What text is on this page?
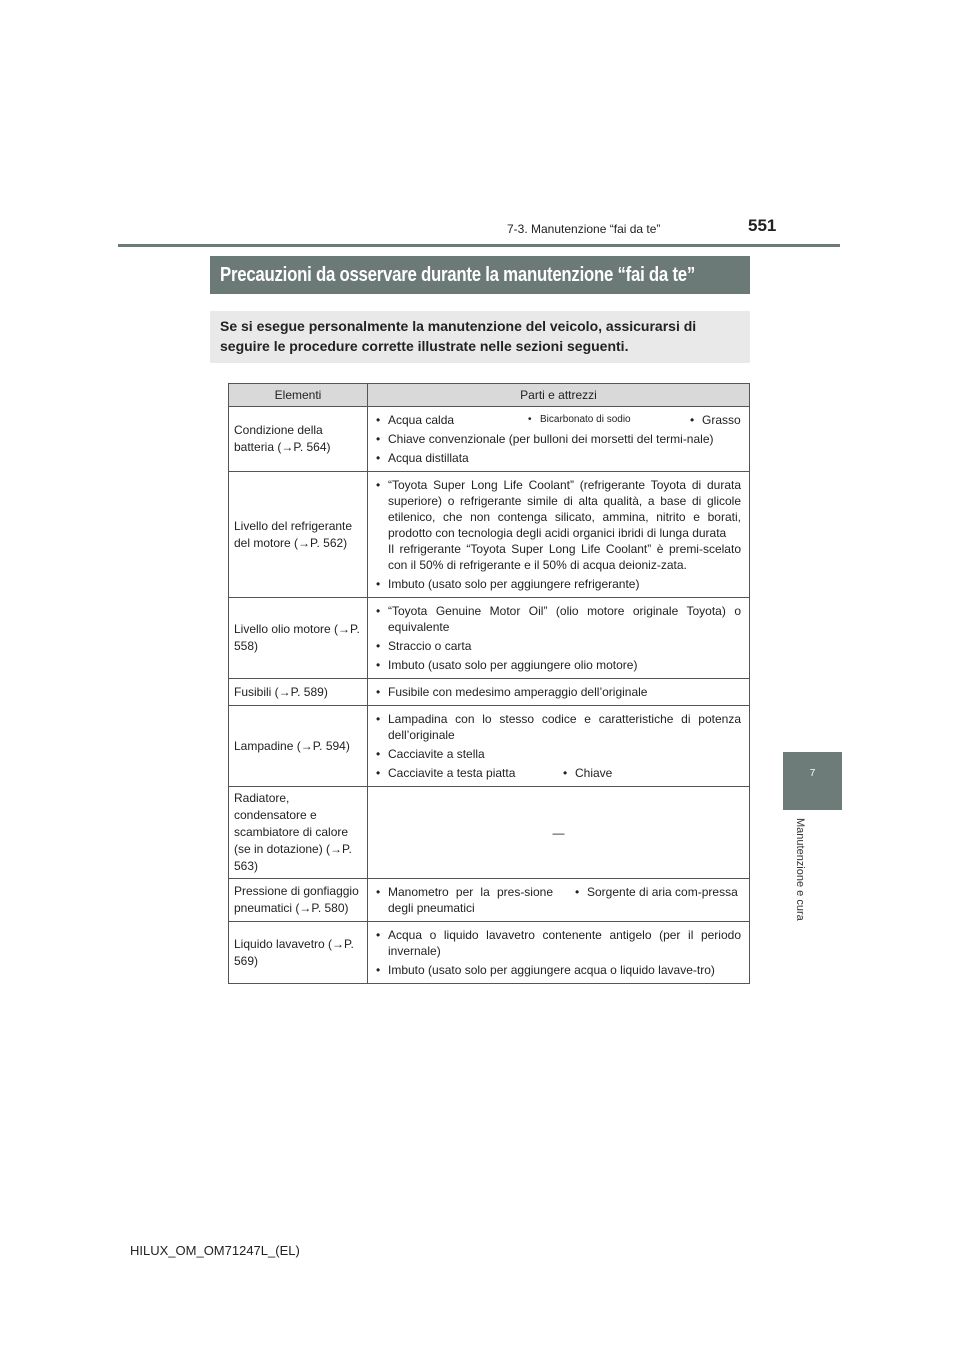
7-3. Manutenzione “fai da te”	551
7
Manutenzione e cura
Precauzioni da osservare durante la manutenzione “fai da te”
Se si esegue personalmente la manutenzione del veicolo, assicurarsi di seguire le procedure corrette illustrate nelle sezioni seguenti.
Elementi	Parti e attrezzi
Condizione della batteria (→P. 564)	• Acqua calda • Bicarbonato di sodio • Grasso
• Chiave convenzionale (per bulloni dei morsetti del termi-nale)
• Acqua distillata

Livello del refrigerante del motore (→P. 562)	• “Toyota Super Long Life Coolant” (refrigerante Toyota di durata superiore) o refrigerante simile di alta qualità, a base di glicole etilenico, che non contenga silicato, ammina, nitrito e borati, prodotto con tecnologia degli acidi organici ibridi di lunga durata
Il refrigerante “Toyota Super Long Life Coolant” è premi-scelato con il 50% di refrigerante e il 50% di acqua deioniz-zata.
• Imbuto (usato solo per aggiungere refrigerante)

Livello olio motore (→P. 558)	• “Toyota Genuine Motor Oil” (olio motore originale Toyota) o equivalente
• Straccio o carta
• Imbuto (usato solo per aggiungere olio motore)

Fusibili (→P. 589)	• Fusibile con medesimo amperaggio dell’originale

Lampadine (→P. 594)	• Lampadina con lo stesso codice e caratteristiche di potenza dell’originale
• Cacciavite a stella
• Cacciavite a testa piatta • Chiave

Radiatore, condensatore e scambiatore di calore (se in dotazione) (→P. 563)	—
Pressione di gonfiaggio pneumatici (→P. 580)	• Manometro per la pres-sione degli pneumatici
• Sorgente di aria com-pressa

Liquido lavavetro (→P. 569)	• Acqua o liquido lavavetro contenente antigelo (per il periodo invernale)
• Imbuto (usato solo per aggiungere acqua o liquido lavave-tro)
HILUX_OM_OM71247L_(EL)
